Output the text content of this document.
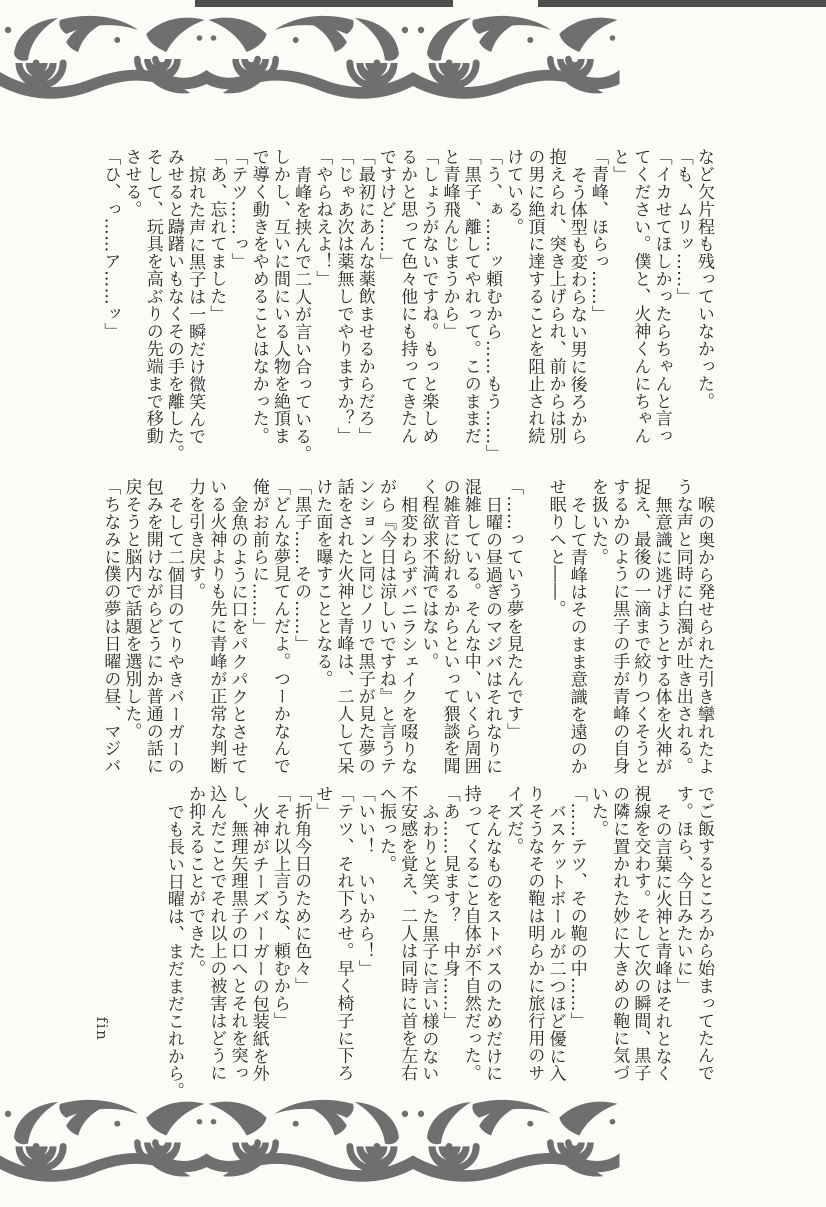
など欠片程も残っていなかった。

「も、ムリッ……」

「イカせてほしかったらちゃんと言っ

てください。僕と、火神くんにちゃん

と」

「青峰、ほらっ……」

そう体型も変わらない男に後ろから

抱えられ、突き上げられ、前からは別

の男に絶頂に達することを阻止され続

けている。

「う、ぁ……ッ頼むから……もう……」

「黒子、離してやれって。このままだ

と青峰飛んじまうから」

「しょうがないですね。もっと楽しめ

るかと思って色々他にも持ってきたん

ですけど……」

「最初にあんな薬飲ませるからだろ」

「じゃあ次は薬無しでやりますか？」

「やらねえよ！」

青峰を挟んで二人が言い合っている。

しかし、互いに間にいる人物を絶頂ま

で導く動きをやめることはなかった。

「テツ……っ」

「あ、忘れてました」

掠れた声に黒子は一瞬だけ微笑んで

みせると躊躇いもなくその手を離した。

そして、玩具を高ぶりの先端まで移動

させる。

「ひ、っ……ア……ッ」

喉の奥から発せられた引き攣れたよ

うな声と同時に白濁が吐き出される。

無意識に逃げようとする体を火神が

捉え、最後の一滴まで絞りつくそうと

するかのように黒子の手が青峰の自身

を扱いた。

そして青峰はそのまま意識を遠のか

せ眠りへと――。

「……っていう夢を見たんです」

日曜の昼過ぎのマジバはそれなりに

混雑している。そんな中、いくら周囲

の雑音に紛れるからといって猥談を聞

く程欲求不満ではない。

相変わらずバニラシェイクを啜りな

がら『今日は涼しいですね』と言うテ

ンションと同じノリで黒子が見た夢の

話をされた火神と青峰は、二人して呆

けた面を曝すこととなる。

「黒子……その……」

「どんな夢見てんだよ。つーかなんで

俺がお前らに……」

金魚のように口をパクパクとさせて

いる火神よりも先に青峰が正常な判断

力を引き戻す。

そして二個目のてりやきバーガーの

包みを開けながらどうにか普通の話に

戻そうと脳内で話題を選別した。

「ちなみに僕の夢は日曜の昼、マジバ

でご飯するところから始まってたんで

す。ほら、今日みたいに」

その言葉に火神と青峰はそれとなく

視線を交わす。そして次の瞬間、黒子

の隣に置かれた妙に大きめの鞄に気づ

いた。

「……テツ、その鞄の中……」

バスケットボールが二つほど優に入

りそうなその鞄は明らかに旅行用のサ

イズだ。

そんなものをストバスのためだけに

持ってくること自体が不自然だった。

「あ……見ます？　中身……」

ふわりと笑った黒子に言い様のない

不安感を覚え、二人は同時に首を左右

へ振った。

「いい！　いいから！」

「テツ、それ下ろせ。早く椅子に下ろ

せ」

「折角今日のために色々」

「それ以上言うな、頼むから」

火神がチーズバーガーの包装紙を外

し、無理矢理黒子の口へとそれを突っ

込んだことでそれ以上の被害はどうに

か抑えることができた。

でも長い日曜は、まだまだこれから。

fin
